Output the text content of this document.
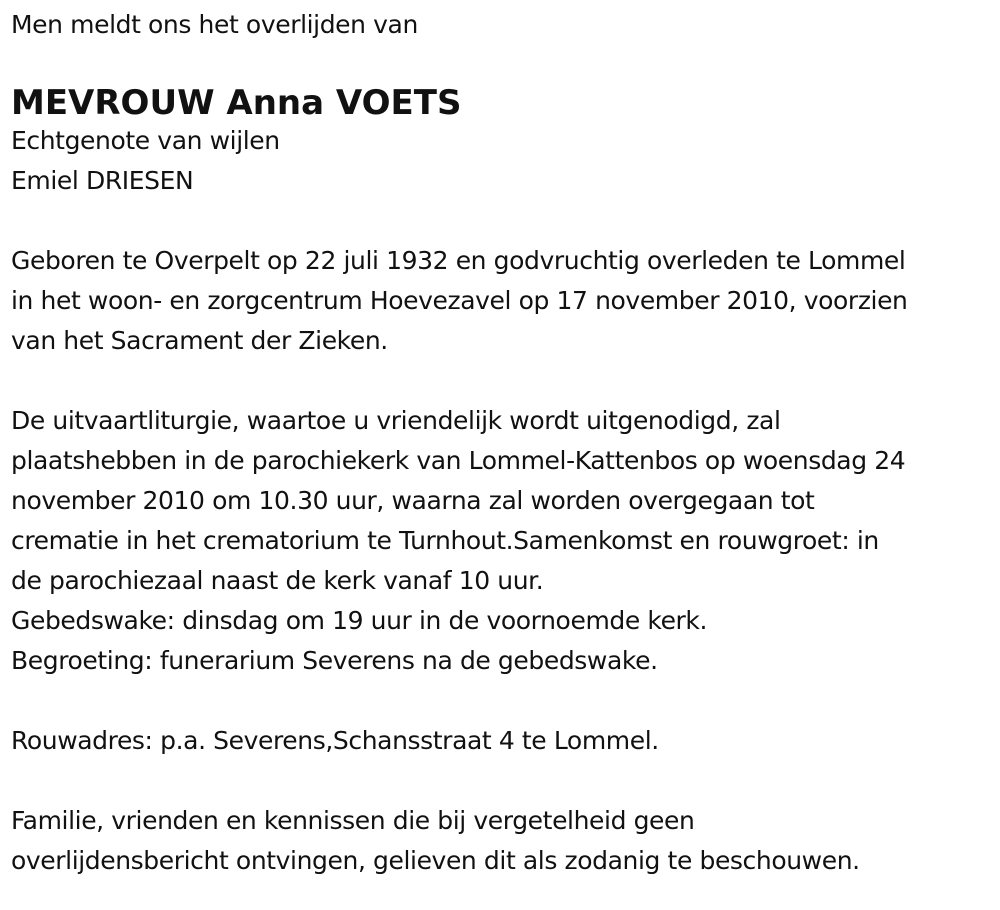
Men meldt ons het overlijden van
MEVROUW Anna VOETS
Echtgenote van wijlen
Emiel DRIESEN
Geboren te Overpelt op 22 juli 1932 en godvruchtig overleden te Lommel
in het woon- en zorgcentrum Hoevezavel op 17 november 2010, voorzien
van het Sacrament der Zieken.
De uitvaartliturgie, waartoe u vriendelijk wordt uitgenodigd, zal
plaatshebben in de parochiekerk van Lommel-Kattenbos op woensdag 24
november 2010 om 10.30 uur, waarna zal worden overgegaan tot
crematie in het crematorium te Turnhout.Samenkomst en rouwgroet: in
de parochiezaal naast de kerk vanaf 10 uur.
Gebedswake: dinsdag om 19 uur in de voornoemde kerk.
Begroeting: funerarium Severens na de gebedswake.
Rouwadres: p.a. Severens,Schansstraat 4 te Lommel.
Familie, vrienden en kennissen die bij vergetelheid geen
overlijdensbericht ontvingen, gelieven dit als zodanig te beschouwen.
